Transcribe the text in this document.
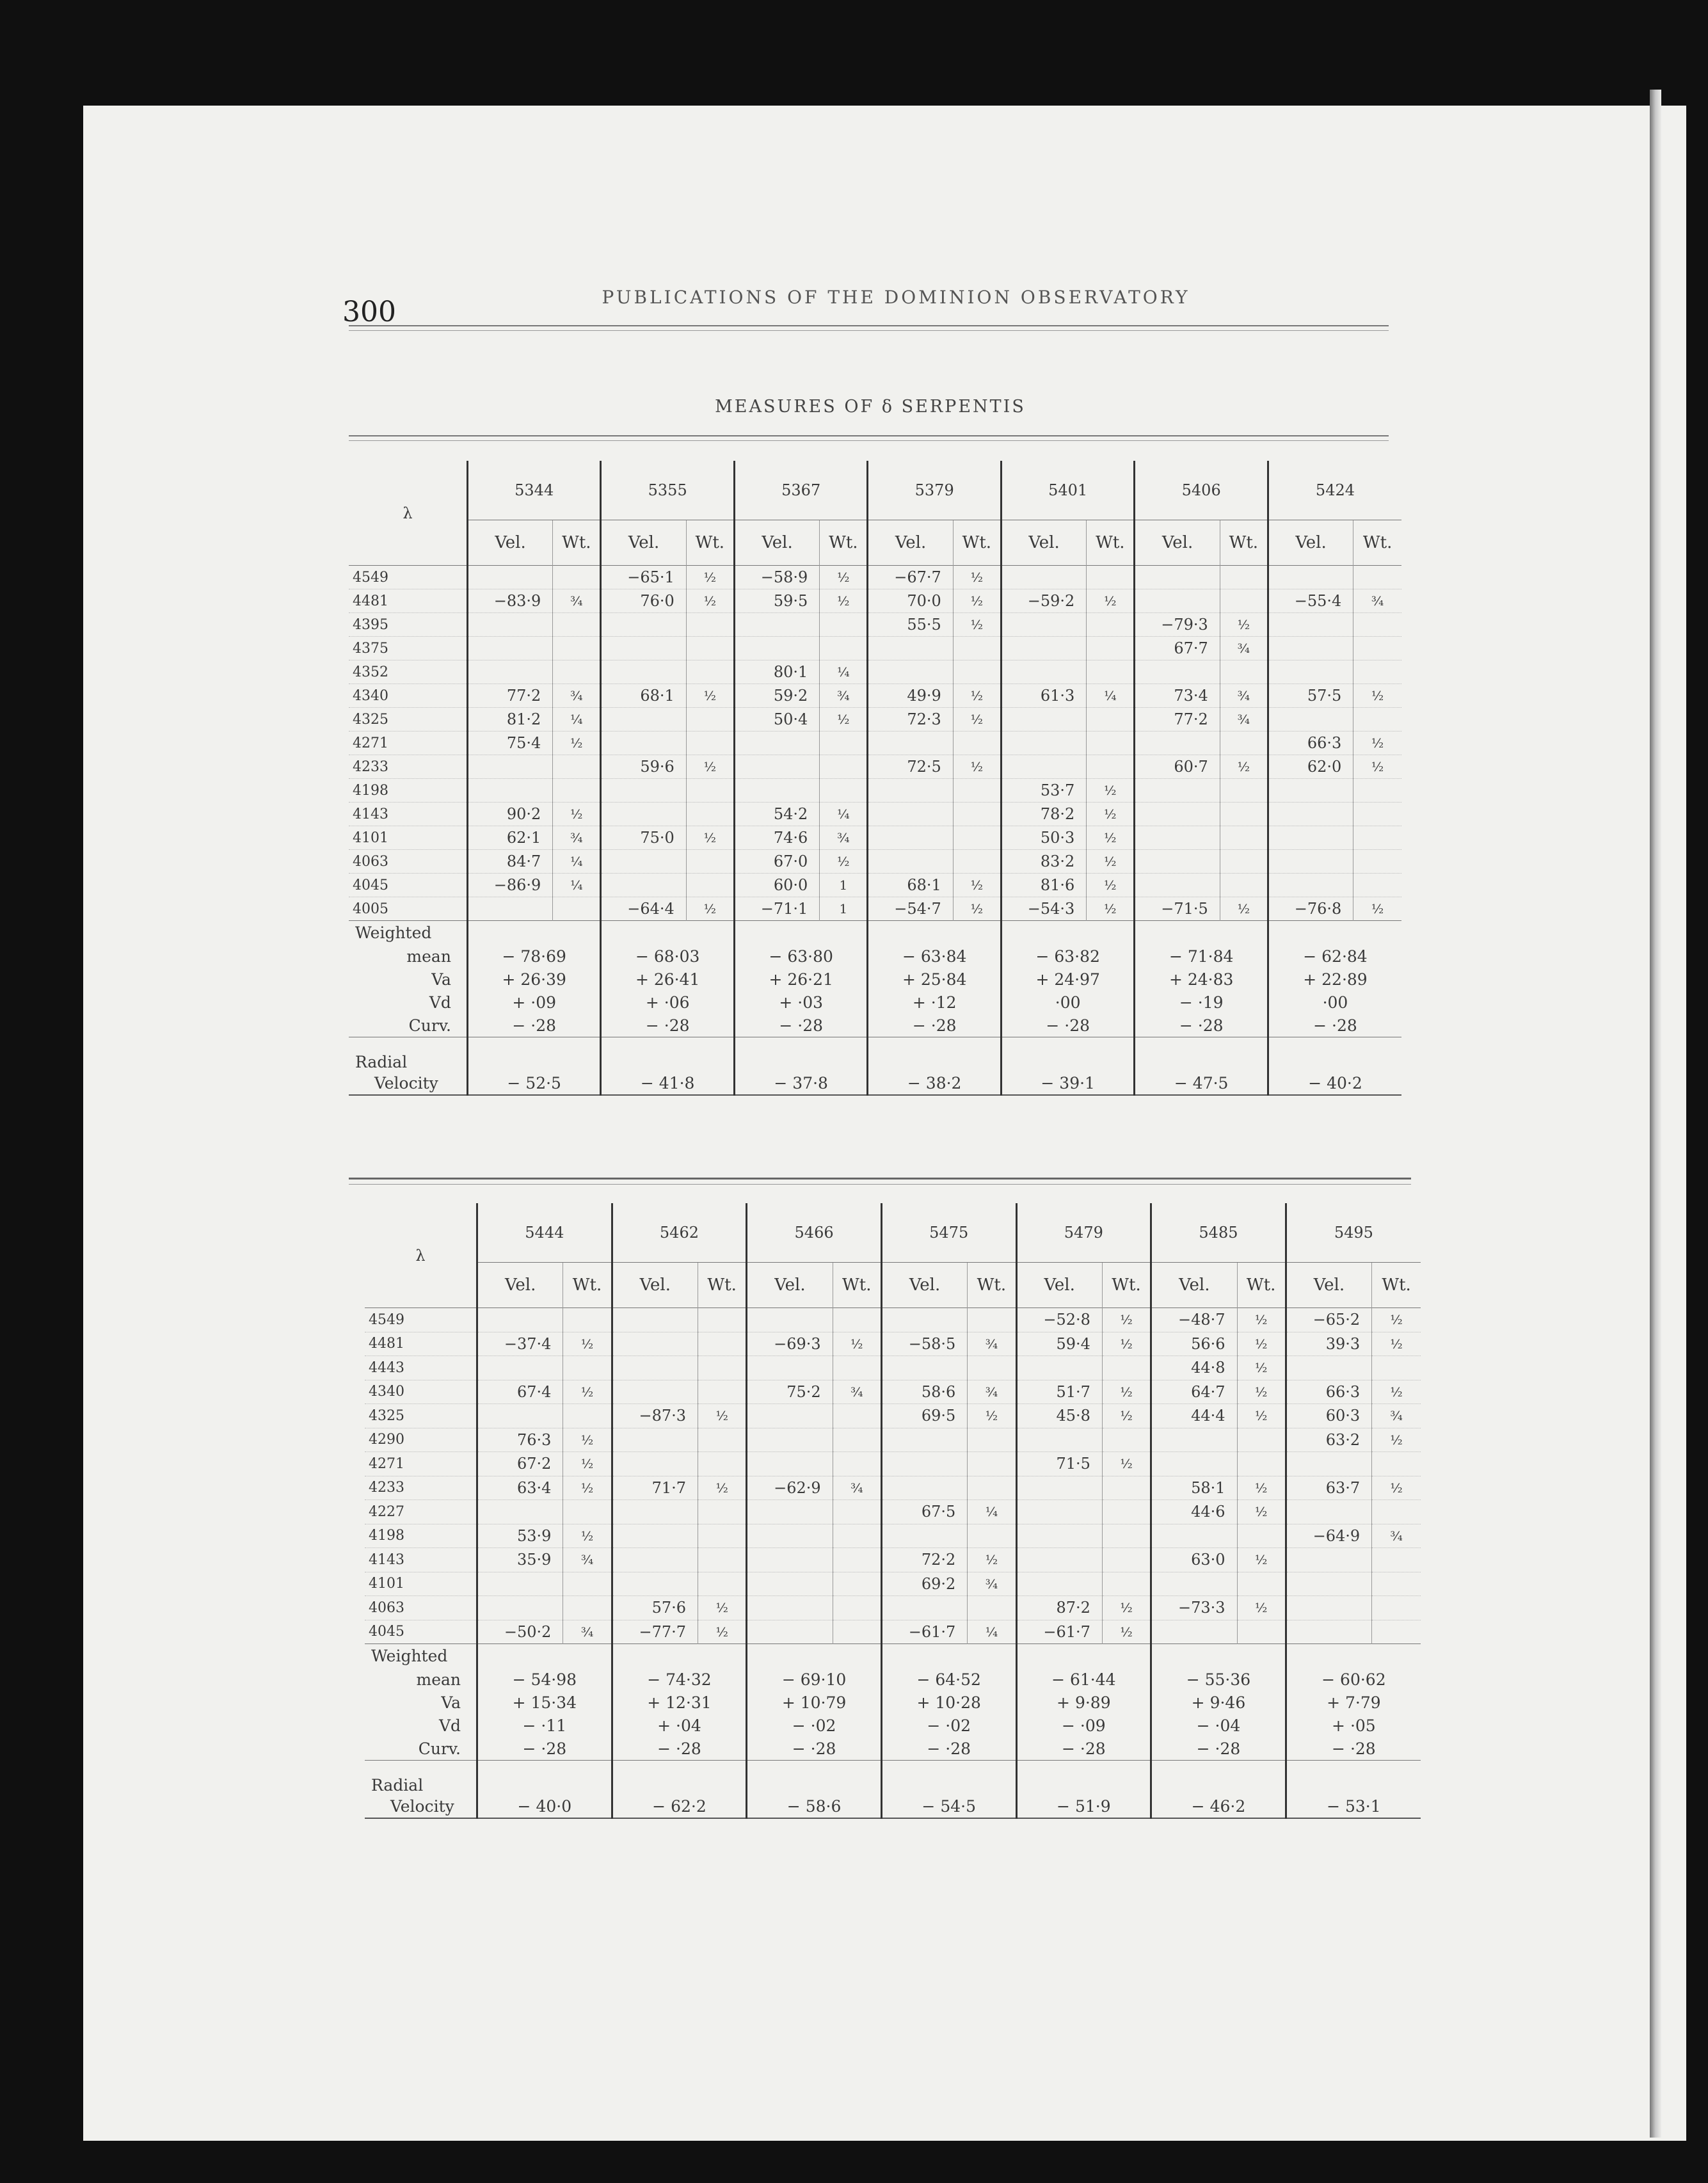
300	PUBLICATIONS OF THE DOMINION OBSERVATORY
MEASURES OF δ SERPENTIS
λ	5344		5355		5367		5379		5401		5406		5424	
	Vel.	Wt.	Vel.	Wt.	Vel.	Wt.	Vel.	Wt.	Vel.	Wt.	Vel.	Wt.	Vel.	Wt.
4549			−65·1	½	−58·9	½	−67·7	½						
4481	−83·9	¾	76·0	½	59·5	½	70·0	½	−59·2	½			−55·4	¾
4395							55·5	½			−79·3	½		
4375											67·7	¾		
4352					80·1	¼								
4340	77·2	¾	68·1	½	59·2	¾	49·9	½	61·3	¼	73·4	¾	57·5	½
4325	81·2	¼			50·4	½	72·3	½			77·2	¾		
4271	75·4	½											66·3	½
4233			59·6	½			72·5	½			60·7	½	62·0	½
4198									53·7	½				
4143	90·2	½			54·2	¼			78·2	½				
4101	62·1	¾	75·0	½	74·6	¾			50·3	½				
4063	84·7	¼			67·0	½			83·2	½				
4045	−86·9	¼			60·0	1	68·1	½	81·6	½				
4005			−64·4	½	−71·1	1	−54·7	½	−54·3	½	−71·5	½	−76·8	½
Weighted														
mean	− 78·69		− 68·03		− 63·80		− 63·84		− 63·82		− 71·84		− 62·84	
Va	+ 26·39		+ 26·41		+ 26·21		+ 25·84		+ 24·97		+ 24·83		+ 22·89	
Vd	+ ·09		+ ·06		+ ·03		+ ·12		·00		− ·19		·00	
Curv.	− ·28		− ·28		− ·28		− ·28		− ·28		− ·28		− ·28	

Radial														
Velocity	− 52·5		− 41·8		− 37·8		− 38·2		− 39·1		− 47·5		− 40·2	
λ	5444		5462		5466		5475		5479		5485		5495	
	Vel.	Wt.	Vel.	Wt.	Vel.	Wt.	Vel.	Wt.	Vel.	Wt.	Vel.	Wt.	Vel.	Wt.
4549									−52·8	½	−48·7	½	−65·2	½
4481	−37·4	½			−69·3	½	−58·5	¾	59·4	½	56·6	½	39·3	½
4443											44·8	½		
4340	67·4	½			75·2	¾	58·6	¾	51·7	½	64·7	½	66·3	½
4325			−87·3	½			69·5	½	45·8	½	44·4	½	60·3	¾
4290	76·3	½											63·2	½
4271	67·2	½							71·5	½				
4233	63·4	½	71·7	½	−62·9	¾					58·1	½	63·7	½
4227							67·5	¼			44·6	½		
4198	53·9	½											−64·9	¾
4143	35·9	¾					72·2	½			63·0	½		
4101							69·2	¾						
4063			57·6	½					87·2	½	−73·3	½		
4045	−50·2	¾	−77·7	½			−61·7	¼	−61·7	½				
Weighted														
mean	− 54·98		− 74·32		− 69·10		− 64·52		− 61·44		− 55·36		− 60·62	
Va	+ 15·34		+ 12·31		+ 10·79		+ 10·28		+ 9·89		+ 9·46		+ 7·79	
Vd	− ·11		+ ·04		− ·02		− ·02		− ·09		− ·04		+ ·05	
Curv.	− ·28		− ·28		− ·28		− ·28		− ·28		− ·28		− ·28	

Radial														
Velocity	− 40·0		− 62·2		− 58·6		− 54·5		− 51·9		− 46·2		− 53·1	
